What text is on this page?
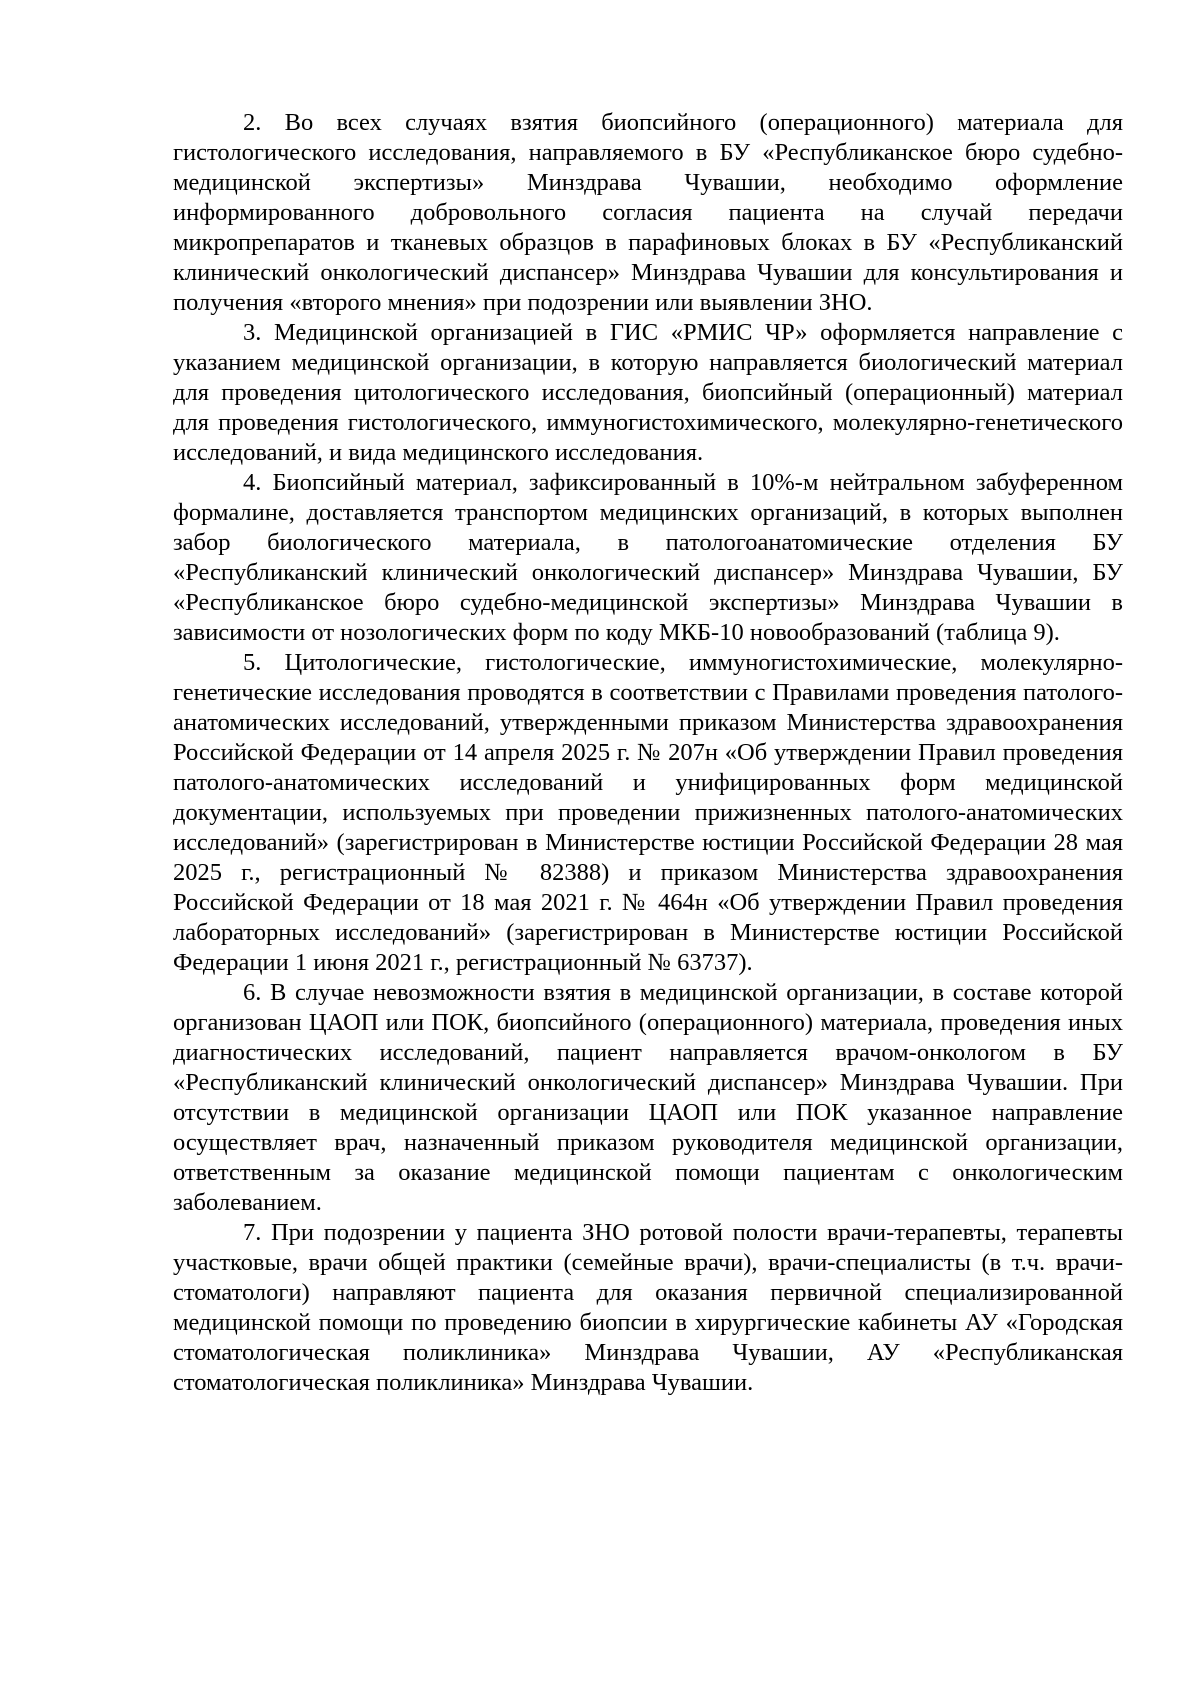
2. Во всех случаях взятия биопсийного (операционного) материала для гистологического исследования, направляемого в БУ «Республиканское бюро судебно-медицинской экспертизы» Минздрава Чувашии, необходимо оформление информированного добровольного согласия пациента на случай передачи микропрепаратов и тканевых образцов в парафиновых блоках в БУ «Республиканский клинический онкологический диспансер» Минздрава Чувашии для консультирования и получения «второго мнения» при подозрении или выявлении ЗНО.

3. Медицинской организацией в ГИС «РМИС ЧР» оформляется направление с указанием медицинской организации, в которую направляется биологический материал для проведения цитологического исследования, биопсийный (операционный) материал для проведения гистологического, иммуногистохимического, молекулярно-генетического исследований, и вида медицинского исследования.

4. Биопсийный материал, зафиксированный в 10%-м нейтральном забуференном формалине, доставляется транспортом медицинских организаций, в которых выполнен забор биологического материала, в патологоанатомические отделения БУ «Республиканский клинический онкологический диспансер» Минздрава Чувашии, БУ «Республиканское бюро судебно-медицинской экспертизы» Минздрава Чувашии в зависимости от нозологических форм по коду МКБ-10 новообразований (таблица 9).

5. Цитологические, гистологические, иммуногистохимические, молекулярно-генетические исследования проводятся в соответствии с Правилами проведения патолого-анатомических исследований, утвержденными приказом Министерства здравоохранения Российской Федерации от 14 апреля 2025 г. № 207н «Об утверждении Правил проведения патолого-анатомических исследований и унифицированных форм медицинской документации, используемых при проведении прижизненных патолого-анатомических исследований» (зарегистрирован в Министерстве юстиции Российской Федерации 28 мая 2025 г., регистрационный № 82388) и приказом Министерства здравоохранения Российской Федерации от 18 мая 2021 г. № 464н «Об утверждении Правил проведения лабораторных исследований» (зарегистрирован в Министерстве юстиции Российской Федерации 1 июня 2021 г., регистрационный № 63737).

6. В случае невозможности взятия в медицинской организации, в составе которой организован ЦАОП или ПОК, биопсийного (операционного) материала, проведения иных диагностических исследований, пациент направляется врачом-онкологом в БУ «Республиканский клинический онкологический диспансер» Минздрава Чувашии. При отсутствии в медицинской организации ЦАОП или ПОК указанное направление осуществляет врач, назначенный приказом руководителя медицинской организации, ответственным за оказание медицинской помощи пациентам с онкологическим заболеванием.

7. При подозрении у пациента ЗНО ротовой полости врачи-терапевты, терапевты участковые, врачи общей практики (семейные врачи), врачи-специалисты (в т.ч. врачи-стоматологи) направляют пациента для оказания первичной специализированной медицинской помощи по проведению биопсии в хирургические кабинеты АУ «Городская стоматологическая поликлиника» Минздрава Чувашии, АУ «Республиканская стоматологическая поликлиника» Минздрава Чувашии.
